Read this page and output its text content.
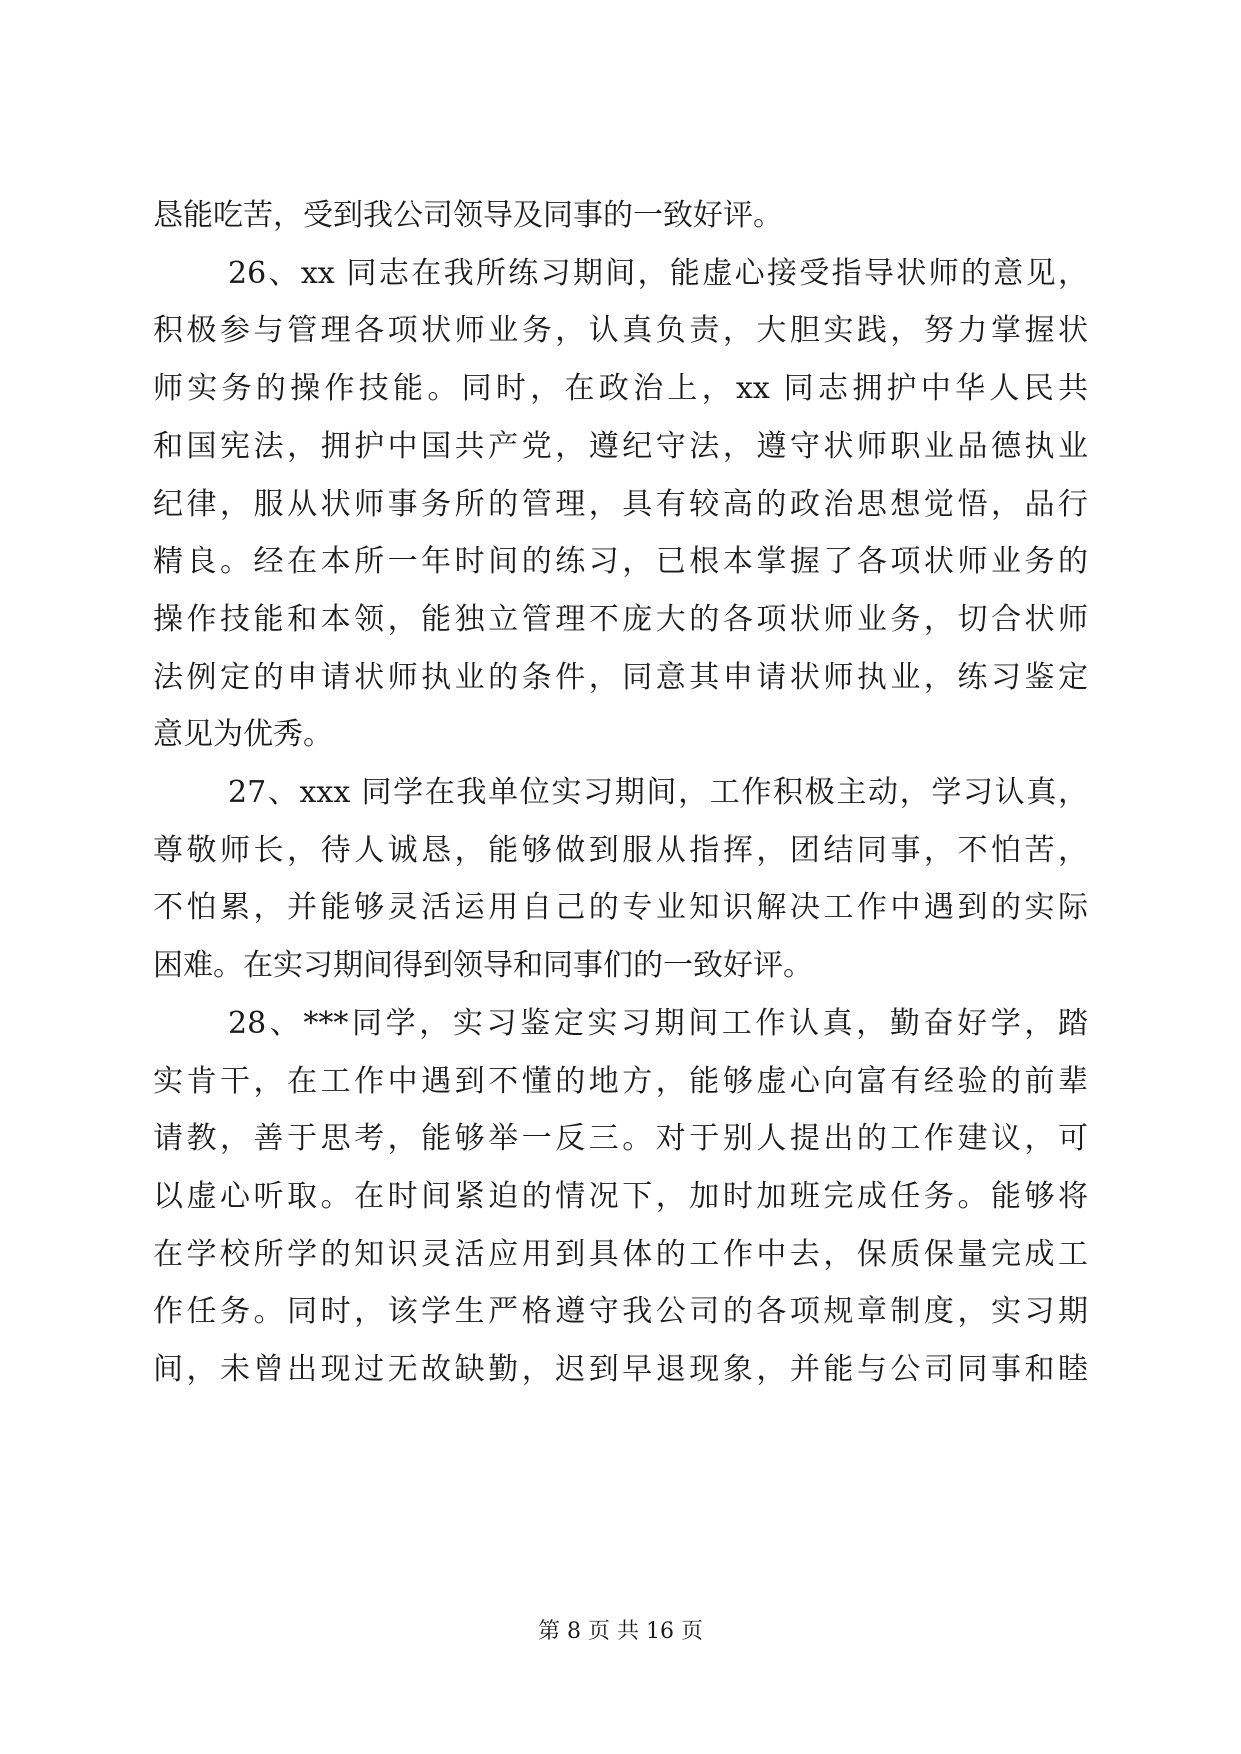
恳能吃苦，受到我公司领导及同事的一致好评。
26、xx 同志在我所练习期间，能虚心接受指导状师的意见，
积极参与管理各项状师业务，认真负责，大胆实践，努力掌握状
师实务的操作技能。同时，在政治上，xx 同志拥护中华人民共
和国宪法，拥护中国共产党，遵纪守法，遵守状师职业品德执业
纪律，服从状师事务所的管理，具有较高的政治思想觉悟，品行
精良。经在本所一年时间的练习，已根本掌握了各项状师业务的
操作技能和本领，能独立管理不庞大的各项状师业务，切合状师
法例定的申请状师执业的条件，同意其申请状师执业，练习鉴定
意见为优秀。
27、xxx 同学在我单位实习期间，工作积极主动，学习认真，
尊敬师长，待人诚恳，能够做到服从指挥，团结同事，不怕苦，
不怕累，并能够灵活运用自己的专业知识解决工作中遇到的实际
困难。在实习期间得到领导和同事们的一致好评。
28、***同学，实习鉴定实习期间工作认真，勤奋好学，踏
实肯干，在工作中遇到不懂的地方，能够虚心向富有经验的前辈
请教，善于思考，能够举一反三。对于别人提出的工作建议，可
以虚心听取。在时间紧迫的情况下，加时加班完成任务。能够将
在学校所学的知识灵活应用到具体的工作中去，保质保量完成工
作任务。同时，该学生严格遵守我公司的各项规章制度，实习期
间，未曾出现过无故缺勤，迟到早退现象，并能与公司同事和睦
第 8 页 共 16 页
